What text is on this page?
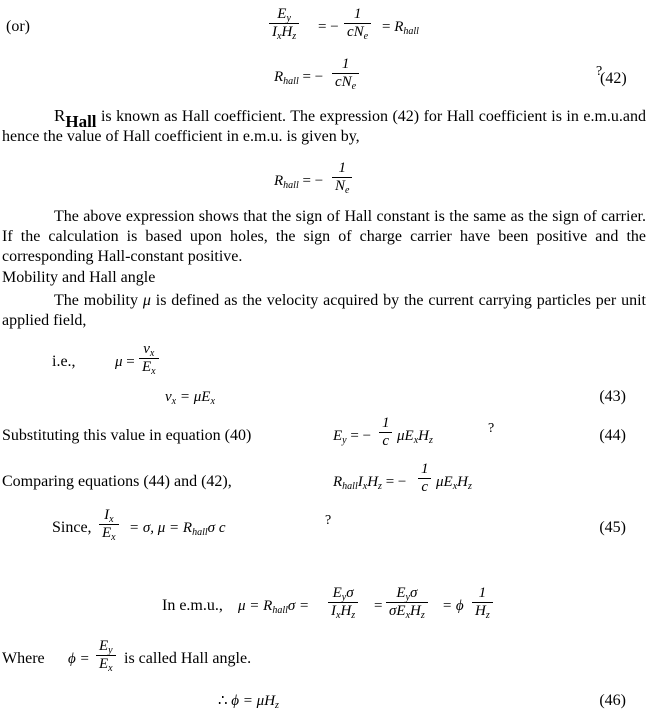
(or)
$E_y$
$I_xH_z$
= −
1
$cN_e$
= $R_{hall}$
$R_{hall}$ = −
1
$cN_e$
?
(42)
$R_{Hall}$ is known as Hall coefficient. The expression (42) for Hall coefficient is in e.m.u.and hence the value of Hall coefficient in e.m.u. is given by,
$R_{hall}$ = − $\frac{1}{N_e}$
The above expression shows that the sign of Hall constant is the same as the sign of carrier. If the calculation is based upon holes, the sign of charge carrier have been positive and the corresponding Hall-constant positive.
Mobility and Hall angle
The mobility μ is defined as the velocity acquired by the current carrying particles per unit applied field,
i.e.,	$\mu = \frac{v_x}{E_x}$
$v_x = \mu E_x$	(43)
Substituting this value in equation (40)	$E_y$ = − $\frac{1}{c} \mu E_xH_z$
?	(44)
Comparing equations (44) and (42),	$R_{hall}I_xH_z$ = − $\frac{1}{c} \mu E_xH_z$
Since, $\frac{I_x}{E_x} = \sigma$, $\mu = R_{hall}\sigma$ c	?	(45)
In e.m.u., $\mu = R_{hall}\sigma$ =
$E_y\sigma$
$I_xH_z$
=
$E_y\sigma$
$\sigma E_xH_z$
= ϕ $\frac{1}{H_z}$
Where $\phi = \frac{E_y}{E_x}$ is called Hall angle.
∴ $\phi = \mu H_z$	(46)
